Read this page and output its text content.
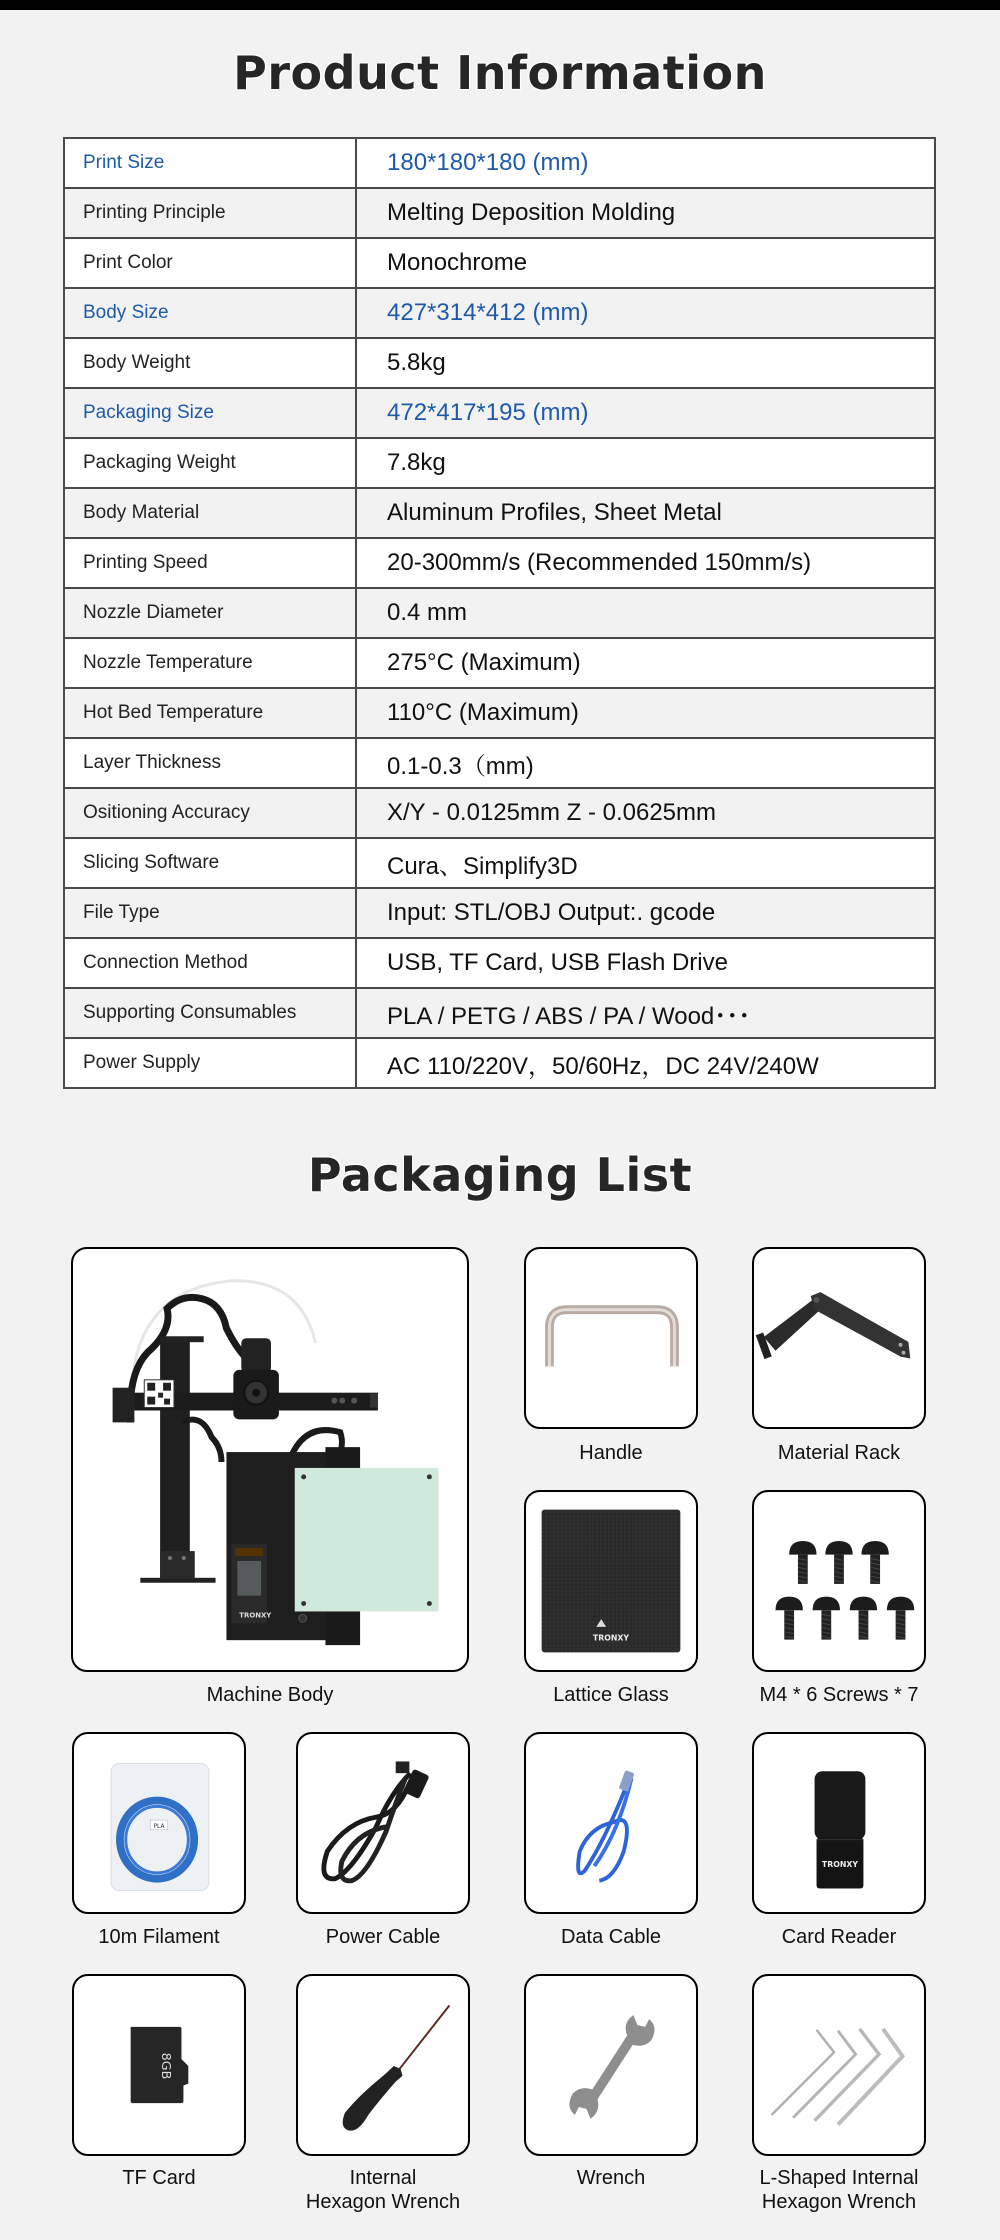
Product Information
Print Size	180*180*180 (mm)
Printing Principle	Melting Deposition Molding
Print Color	Monochrome
Body Size	427*314*412 (mm)
Body Weight	5.8kg
Packaging Size	472*417*195 (mm)
Packaging Weight	7.8kg
Body Material	Aluminum Profiles, Sheet Metal
Printing Speed	20-300mm/s (Recommended 150mm/s)
Nozzle Diameter	0.4 mm
Nozzle Temperature	275°C (Maximum)
Hot Bed Temperature	110°C (Maximum)
Layer Thickness	0.1-0.3（mm)
Ositioning Accuracy	X/Y - 0.0125mm Z - 0.0625mm
Slicing Software	Cura、Simplify3D
File Type	Input: STL/OBJ Output:. gcode
Connection Method	USB, TF Card, USB Flash Drive
Supporting Consumables	PLA / PETG / ABS / PA / Wood･･･
Power Supply	AC 110/220V，50/60Hz，DC 24V/240W
Packaging List
TRONXY
Machine Body
Handle	Material Rack
TRONXY
Lattice Glass	M4 * 6 Screws * 7
PLA
10m Filament	Power Cable	Data Cable
TRONXY
Card Reader
8GB
TF Card	Internal
Hexagon Wrench
Wrench	L-Shaped Internal
Hexagon Wrench
